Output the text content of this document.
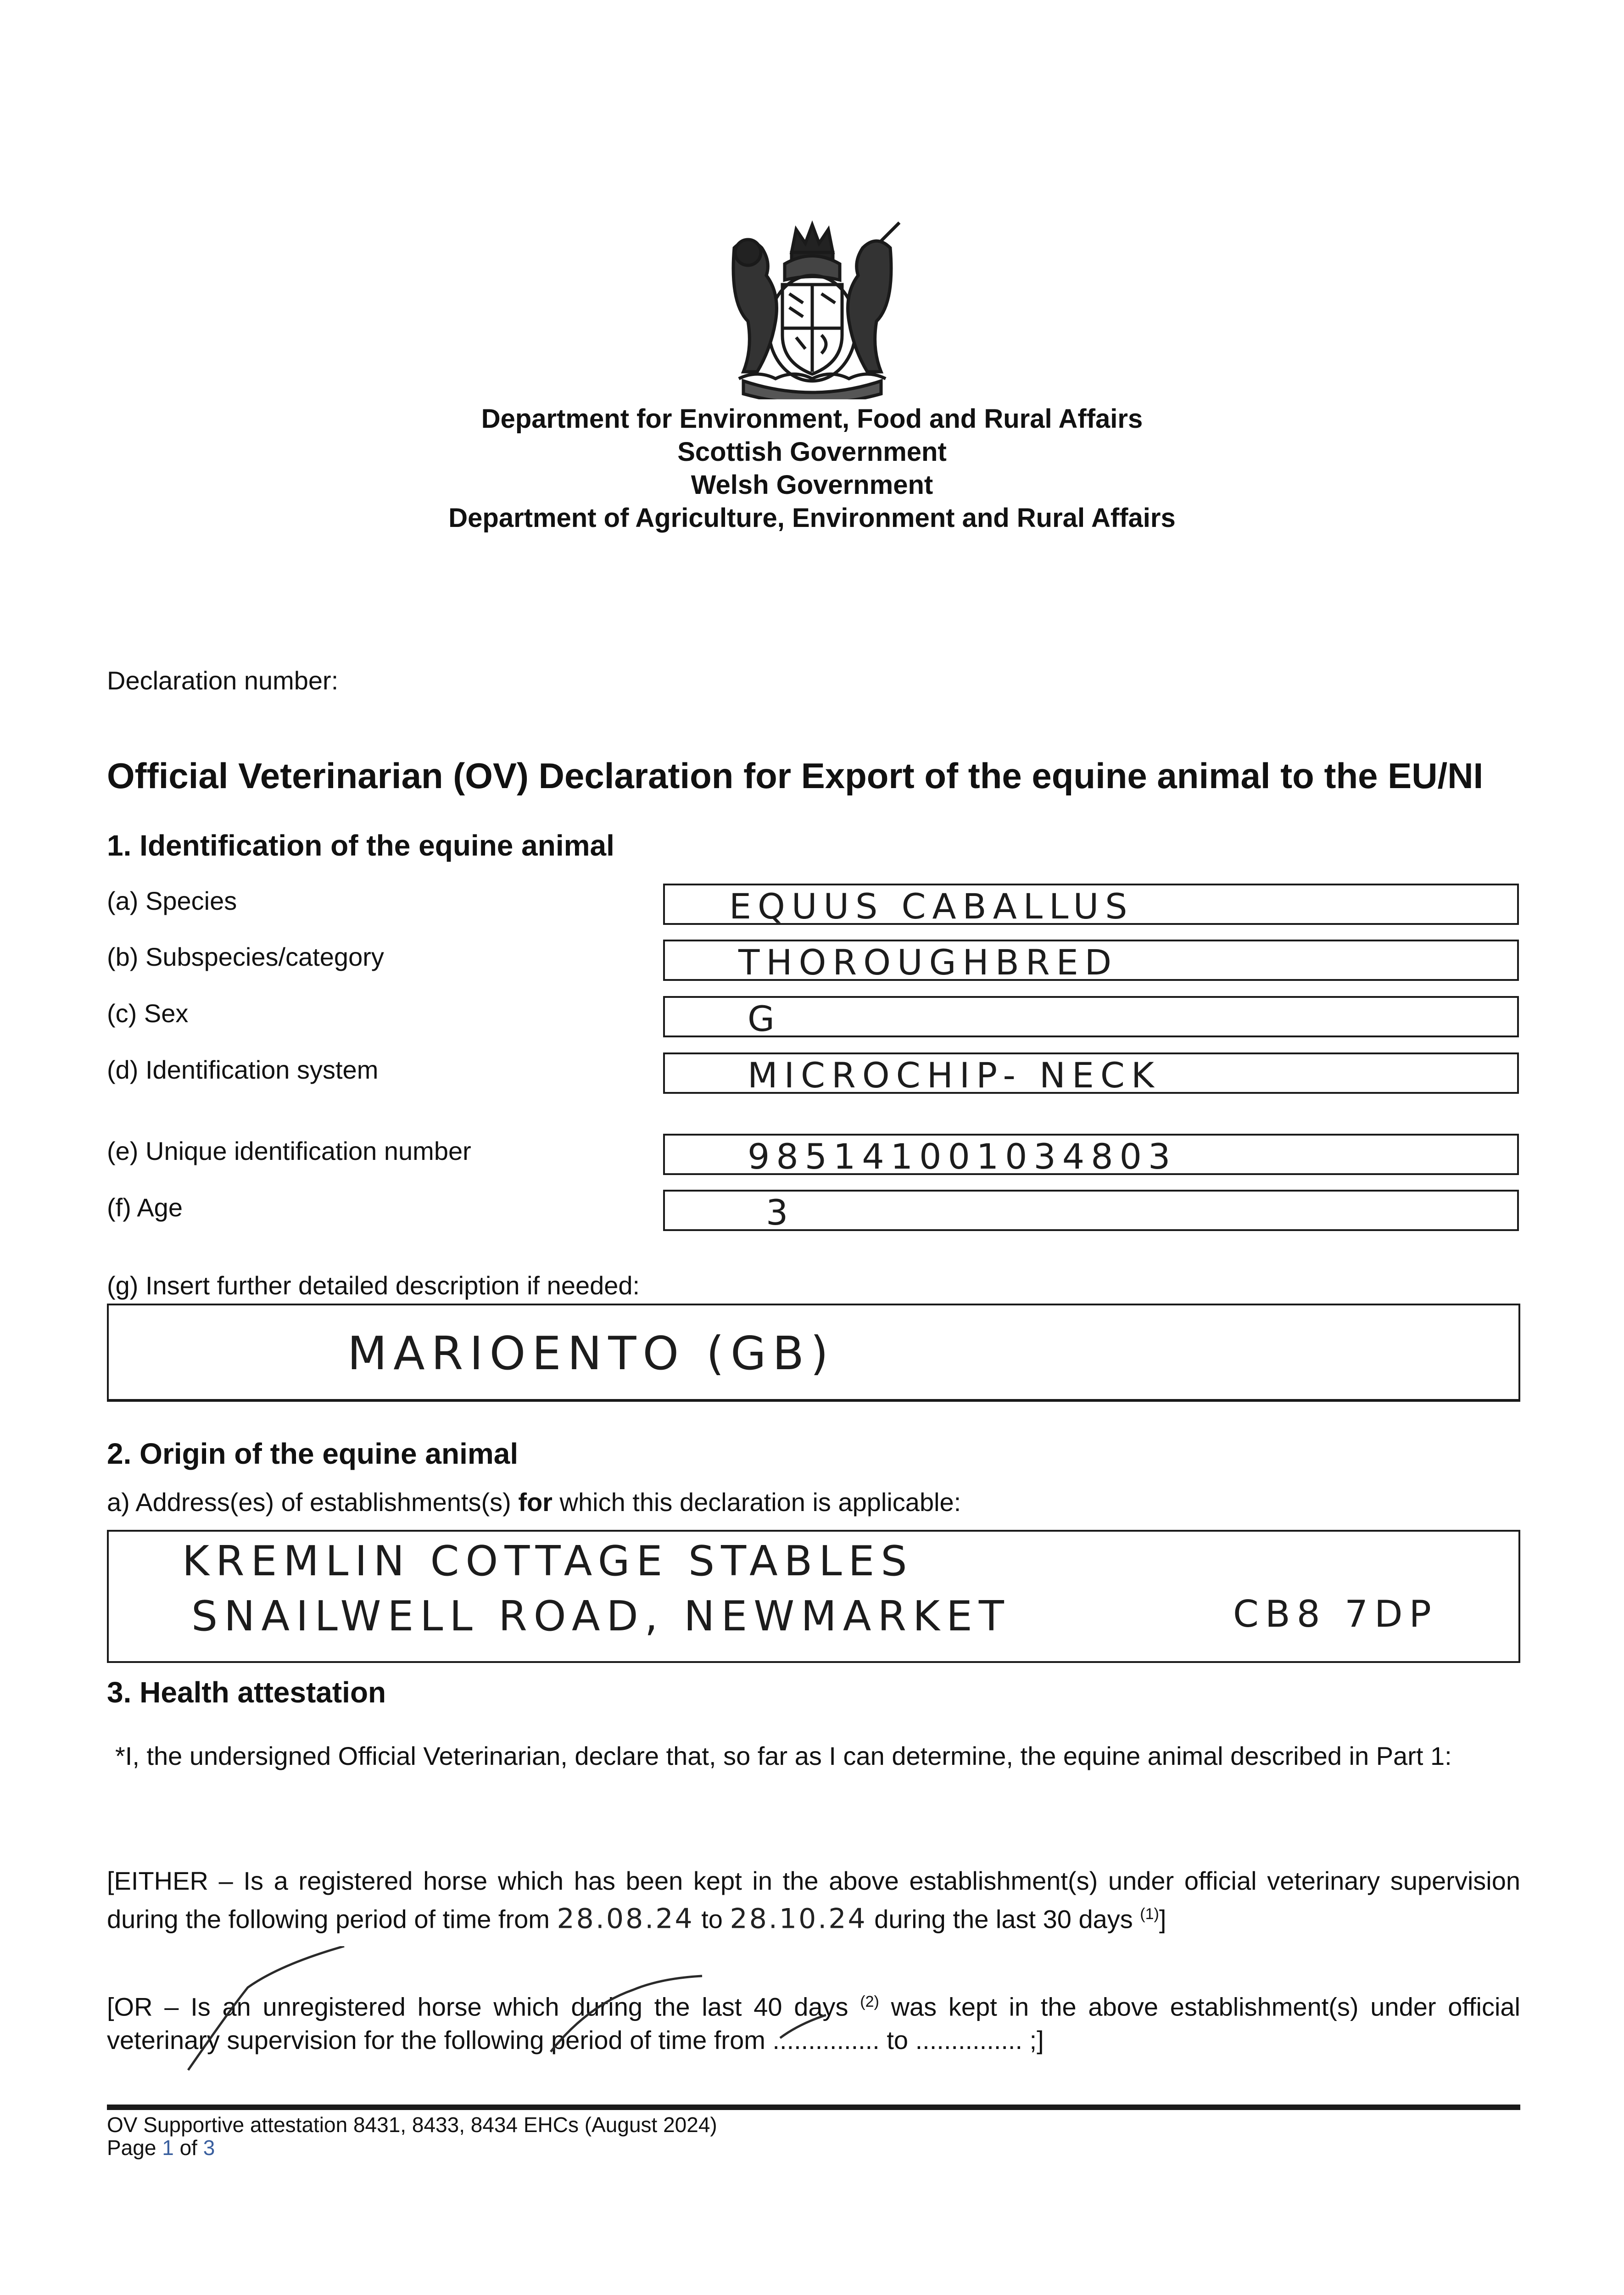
Department for Environment, Food and Rural Affairs
Scottish Government
Welsh Government
Department of Agriculture, Environment and Rural Affairs
Declaration number:
Official Veterinarian (OV) Declaration for Export of the equine animal to the EU/NI
1. Identification of the equine animal
(a) Species	EQUUS CABALLUS
(b) Subspecies/category	THOROUGHBRED
(c) Sex	G
(d) Identification system	MICROCHIP- NECK
(e) Unique identification number	985141001034803
(f) Age	3
(g) Insert further detailed description if needed:
MARIOENTO (GB)
2. Origin of the equine animal
a) Address(es) of establishments(s) for which this declaration is applicable:
KREMLIN COTTAGE STABLES
SNAILWELL ROAD, NEWMARKET	CB8 7DP
3. Health attestation
*I, the undersigned Official Veterinarian, declare that, so far as I can determine, the equine animal described in Part 1:
[EITHER – Is a registered horse which has been kept in the above establishment(s) under official veterinary supervision during the following period of time from 28.08.24 to 28.10.24 during the last 30 days $^{(1)}$]
[OR – Is an unregistered horse which during the last 40 days $^{(2)}$ was kept in the above establishment(s) under official veterinary supervision for the following period of time from ............... to ............... ;]
OV Supportive attestation 8431, 8433, 8434 EHCs (August 2024)
Page 1 of 3
